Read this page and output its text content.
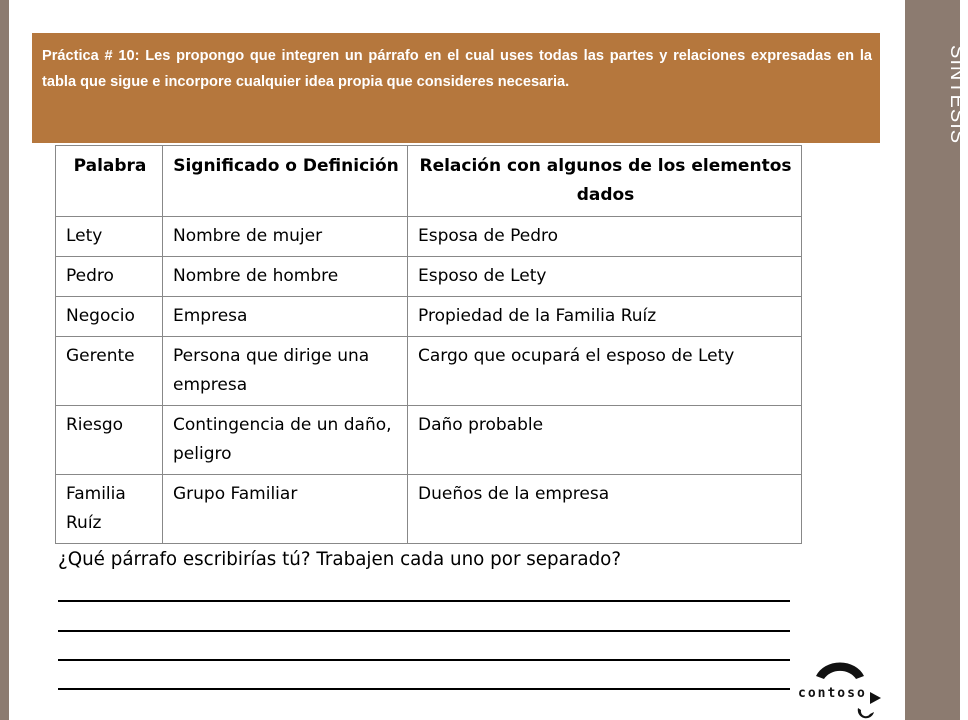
SÍNTESIS

Práctica # 10: Les propongo que integren un párrafo en el cual uses todas las partes y relaciones expresadas en la tabla que sigue e incorpore cualquier idea propia que consideres necesaria.

Palabra	Significado o Definición	Relación con algunos de los elementos dados
Lety	Nombre de mujer	Esposa de Pedro
Pedro	Nombre de hombre	Esposo de Lety
Negocio	Empresa	Propiedad de la Familia Ruíz
Gerente	Persona que dirige una empresa	Cargo que ocupará el esposo de Lety
Riesgo	Contingencia de un daño, peligro	Daño probable
Familia Ruíz	Grupo Familiar	Dueños de la empresa

¿Qué párrafo escribirías tú? Trabajen cada uno por separado?

contoso
